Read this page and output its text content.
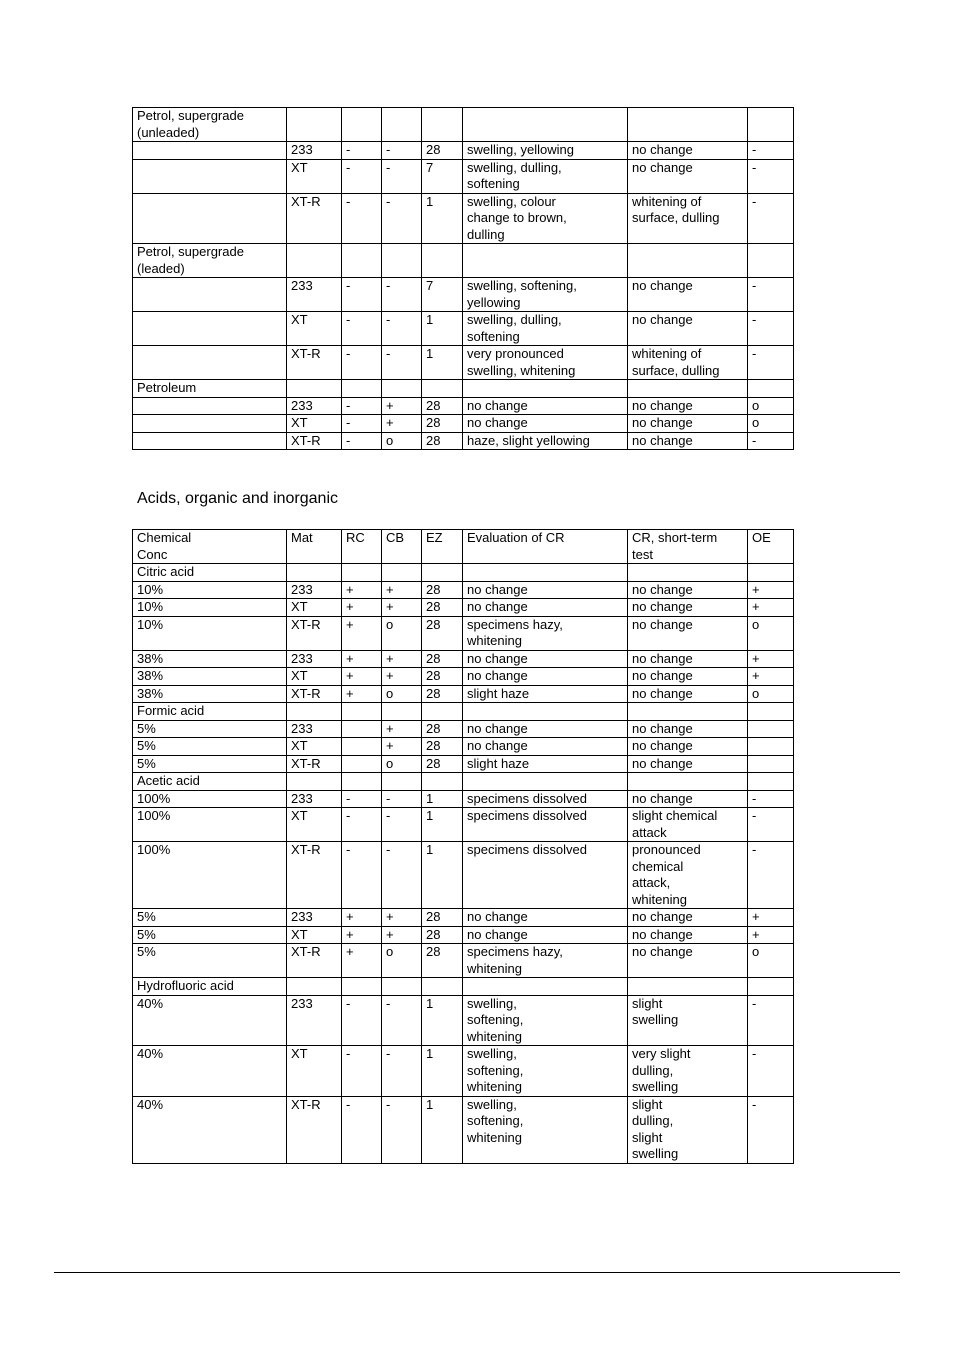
Petrol, supergrade
(unleaded)							
	233	-	-	28	swelling, yellowing	no change	-
	XT	-	-	7	swelling, dulling,
softening	no change	-
	XT-R	-	-	1	swelling, colour
change to brown,
dulling	whitening of
surface, dulling	-
Petrol, supergrade
(leaded)							
	233	-	-	7	swelling, softening,
yellowing	no change	-
	XT	-	-	1	swelling, dulling,
softening	no change	-
	XT-R	-	-	1	very pronounced
swelling, whitening	whitening of
surface, dulling	-
Petroleum							
	233	-	+	28	no change	no change	o
	XT	-	+	28	no change	no change	o
	XT-R	-	o	28	haze, slight yellowing	no change	-
Acids, organic and inorganic
Chemical
Conc	Mat	RC	CB	EZ	Evaluation of CR	CR, short-term
test	OE
Citric acid							
10%	233	+	+	28	no change	no change	+
10%	XT	+	+	28	no change	no change	+
10%	XT-R	+	o	28	specimens hazy,
whitening	no change	o
38%	233	+	+	28	no change	no change	+
38%	XT	+	+	28	no change	no change	+
38%	XT-R	+	o	28	slight haze	no change	o
Formic acid							
5%	233		+	28	no change	no change	
5%	XT		+	28	no change	no change	
5%	XT-R		o	28	slight haze	no change	
Acetic acid							
100%	233	-	-	1	specimens dissolved	no change	-
100%	XT	-	-	1	specimens dissolved	slight chemical
attack	-
100%	XT-R	-	-	1	specimens dissolved	pronounced
chemical
attack,
whitening	-
5%	233	+	+	28	no change	no change	+
5%	XT	+	+	28	no change	no change	+
5%	XT-R	+	o	28	specimens hazy,
whitening	no change	o
Hydrofluoric acid							
40%	233	-	-	1	swelling,
softening,
whitening	slight
swelling	-
40%	XT	-	-	1	swelling,
softening,
whitening	very slight
dulling,
swelling	-
40%	XT-R	-	-	1	swelling,
softening,
whitening	slight
dulling,
slight
swelling	-
